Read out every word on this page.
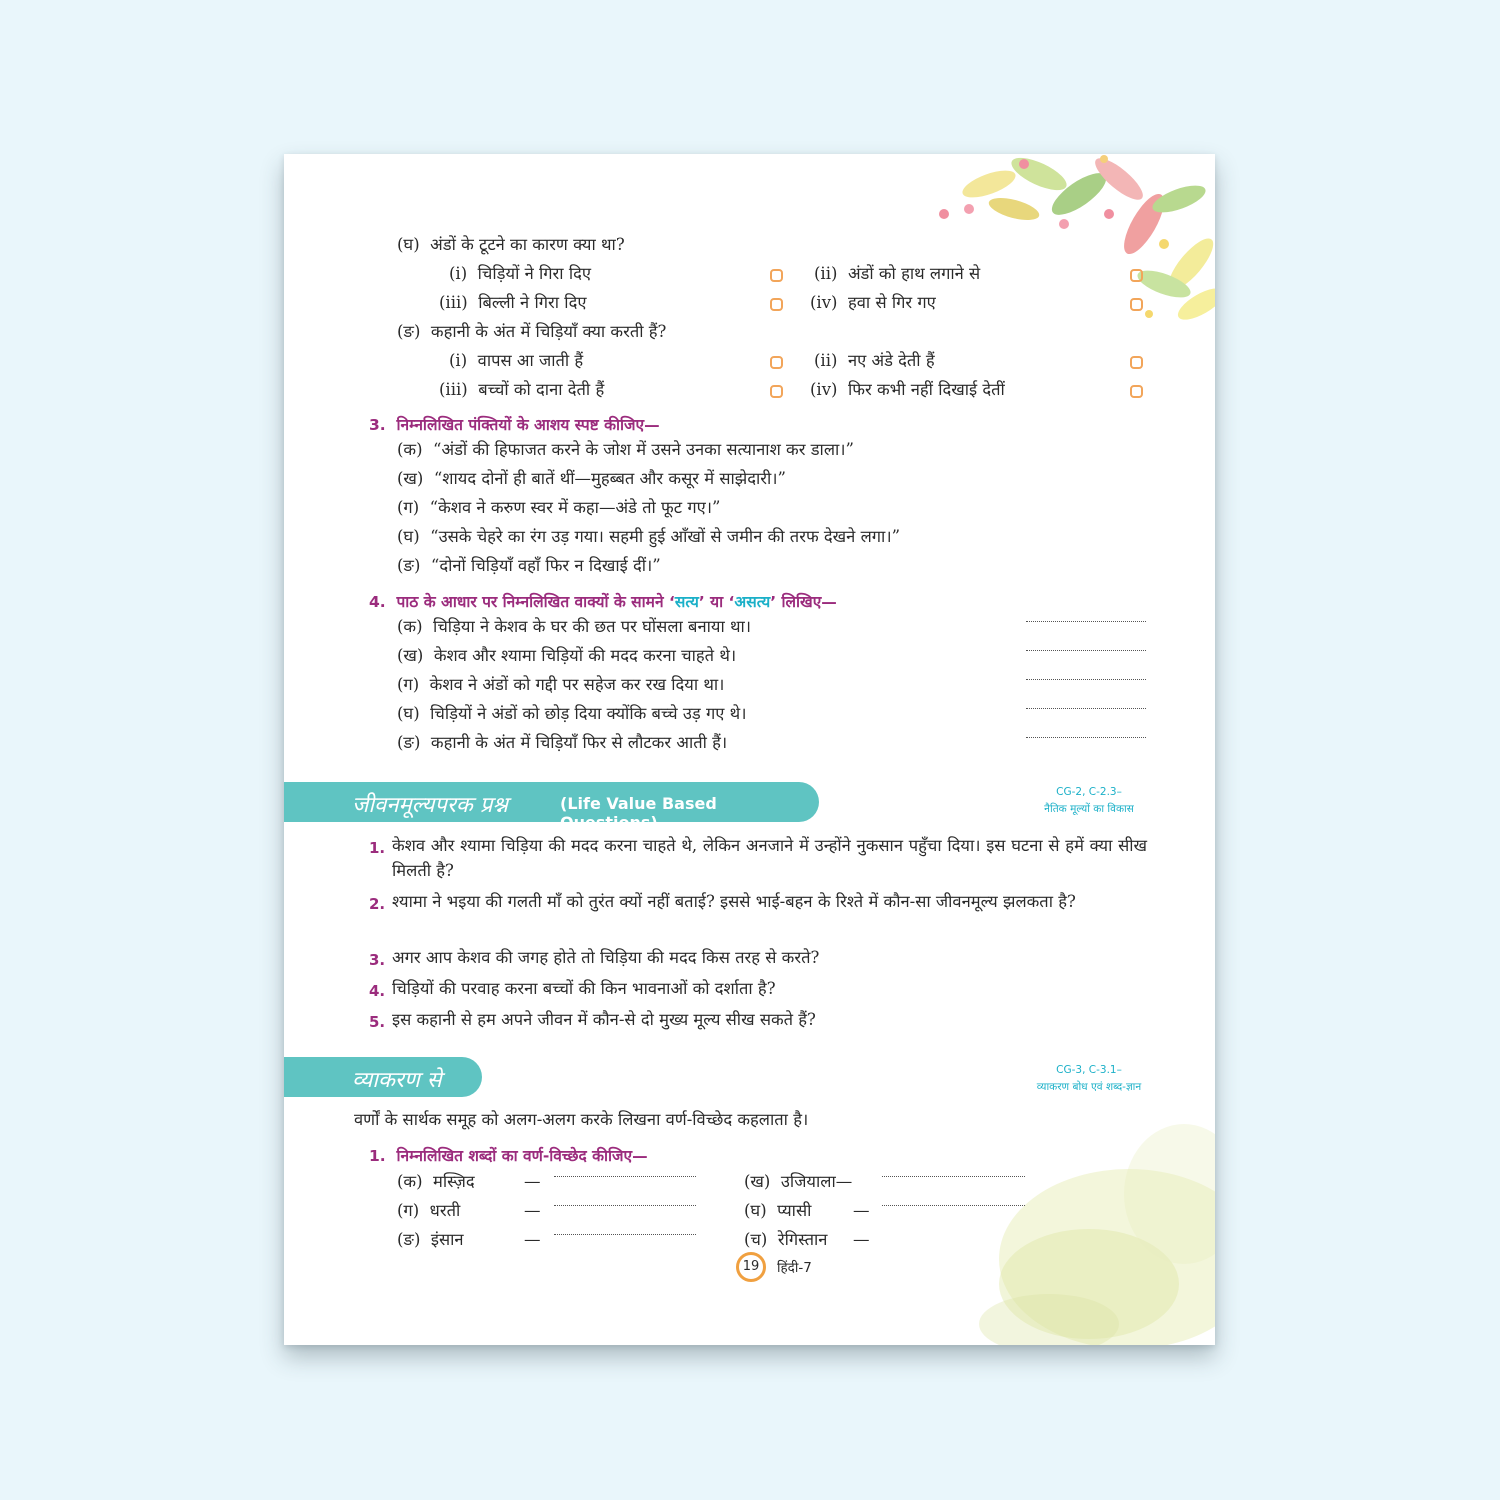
(घ) अंडों के टूटने का कारण क्या था?
(i) चिड़ियों ने गिरा दिए	(ii) अंडों को हाथ लगाने से
(iii) बिल्ली ने गिरा दिए	(iv) हवा से गिर गए
(ङ) कहानी के अंत में चिड़ियाँ क्या करती हैं?
(i) वापस आ जाती हैं	(ii) नए अंडे देती हैं
(iii) बच्चों को दाना देती हैं	(iv) फिर कभी नहीं दिखाई देतीं
3. निम्नलिखित पंक्तियों के आशय स्पष्ट कीजिए—
(क) “अंडों की हिफाजत करने के जोश में उसने उनका सत्यानाश कर डाला।”
(ख) “शायद दोनों ही बातें थीं—मुहब्बत और कसूर में साझेदारी।”
(ग) “केशव ने करुण स्वर में कहा—अंडे तो फूट गए।”
(घ) “उसके चेहरे का रंग उड़ गया। सहमी हुई आँखों से जमीन की तरफ देखने लगा।”
(ङ) “दोनों चिड़ियाँ वहाँ फिर न दिखाई दीं।”
4. पाठ के आधार पर निम्नलिखित वाक्यों के सामने ‘सत्य’ या ‘असत्य’ लिखिए—
(क) चिड़िया ने केशव के घर की छत पर घोंसला बनाया था।
(ख) केशव और श्यामा चिड़ियों की मदद करना चाहते थे।
(ग) केशव ने अंडों को गद्दी पर सहेज कर रख दिया था।
(घ) चिड़ियों ने अंडों को छोड़ दिया क्योंकि बच्चे उड़ गए थे।
(ङ) कहानी के अंत में चिड़ियाँ फिर से लौटकर आती हैं।
जीवनमूल्यपरक प्रश्न	(Life Value Based Questions)
CG-2, C-2.3–
नैतिक मूल्यों का विकास
1. केशव और श्यामा चिड़िया की मदद करना चाहते थे, लेकिन अनजाने में उन्होंने नुकसान पहुँचा दिया। इस घटना से हमें क्या सीख मिलती है?
2. श्यामा ने भइया की गलती माँ को तुरंत क्यों नहीं बताई? इससे भाई-बहन के रिश्ते में कौन-सा जीवनमूल्य झलकता है?
3. अगर आप केशव की जगह होते तो चिड़िया की मदद किस तरह से करते?
4. चिड़ियों की परवाह करना बच्चों की किन भावनाओं को दर्शाता है?
5. इस कहानी से हम अपने जीवन में कौन-से दो मुख्य मूल्य सीख सकते हैं?
व्याकरण से	CG-3, C-3.1–
व्याकरण बोध एवं शब्द-ज्ञान
वर्णों के सार्थक समूह को अलग-अलग करके लिखना वर्ण-विच्छेद कहलाता है।
1. निम्नलिखित शब्दों का वर्ण-विच्छेद कीजिए—
(क) मस्ज़िद	—	(ख) उजियाला—
(ग) धरती	—	(घ) प्यासी	—
(ङ) इंसान	—	(च) रेगिस्तान —
19	हिंदी-7
